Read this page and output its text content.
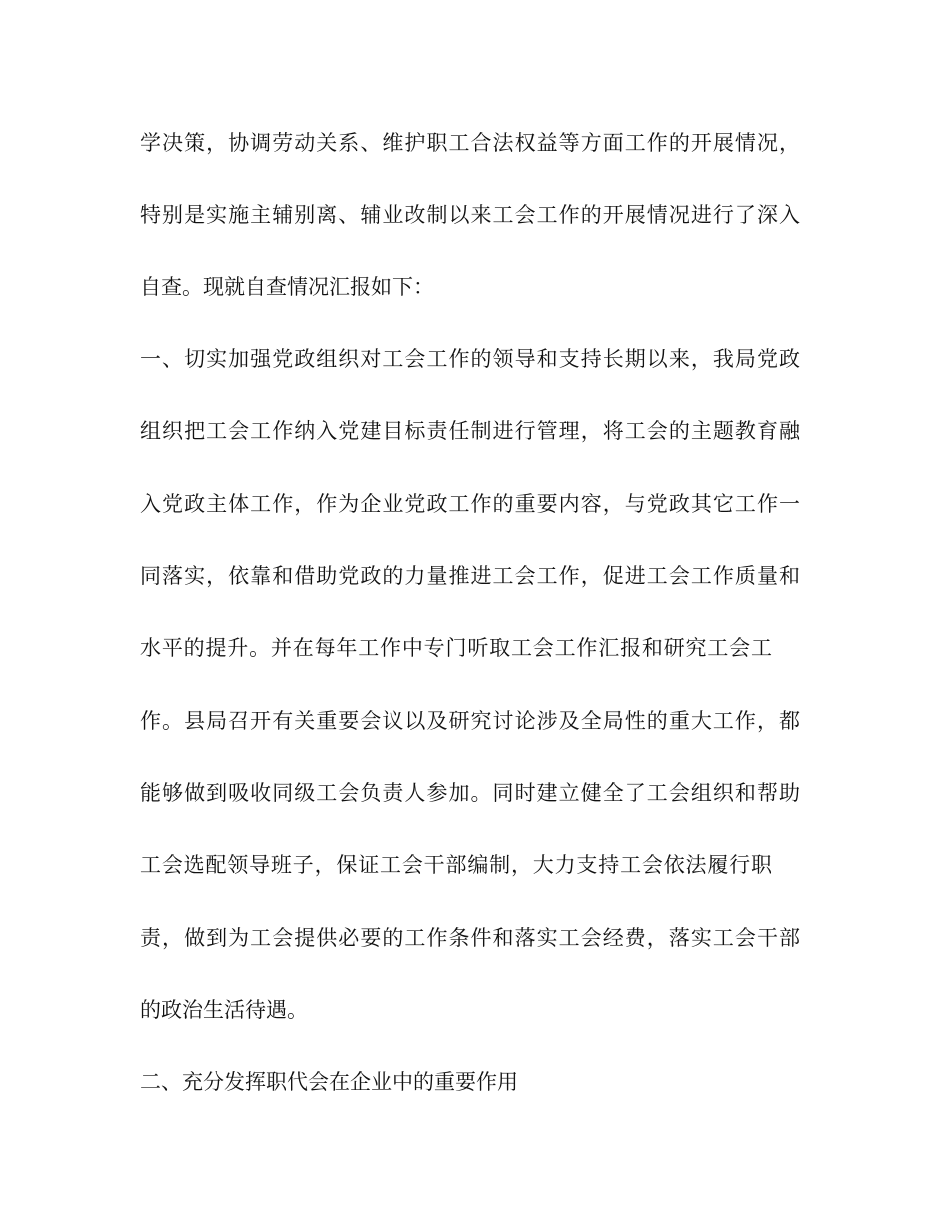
学决策，协调劳动关系、维护职工合法权益等方面工作的开展情况，
特别是实施主辅别离、辅业改制以来工会工作的开展情况进行了深入
自查。现就自查情况汇报如下：
一、切实加强党政组织对工会工作的领导和支持长期以来，我局党政
组织把工会工作纳入党建目标责任制进行管理，将工会的主题教育融
入党政主体工作，作为企业党政工作的重要内容，与党政其它工作一
同落实，依靠和借助党政的力量推进工会工作，促进工会工作质量和
水平的提升。并在每年工作中专门听取工会工作汇报和研究工会工
作。县局召开有关重要会议以及研究讨论涉及全局性的重大工作，都
能够做到吸收同级工会负责人参加。同时建立健全了工会组织和帮助
工会选配领导班子，保证工会干部编制，大力支持工会依法履行职
责，做到为工会提供必要的工作条件和落实工会经费，落实工会干部
的政治生活待遇。
二、充分发挥职代会在企业中的重要作用
